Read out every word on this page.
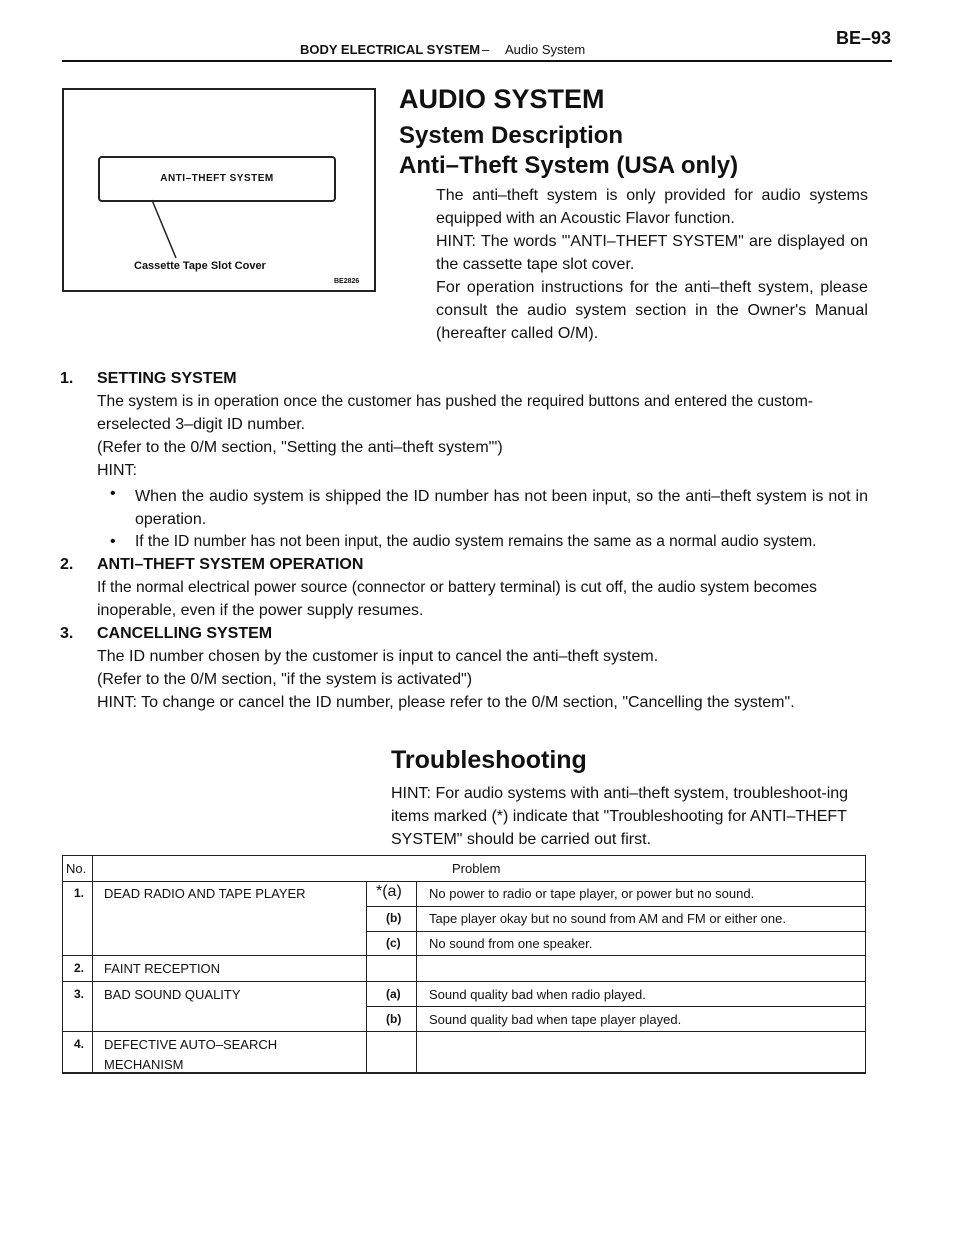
BODY ELECTRICAL SYSTEM – Audio System
BE–93
ANTI–THEFT SYSTEM
Cassette Tape Slot Cover
BE2826
AUDIO SYSTEM
System Description
Anti–Theft System (USA only)
The anti–theft system is only provided for audio systems equipped with an Acoustic Flavor function.
HINT: The words "'ANTI–THEFT SYSTEM" are displayed on the cassette tape slot cover.
For operation instructions for the anti–theft system, please consult the audio system section in the Owner's Manual (hereafter called O/M).
1. SETTING SYSTEM
The system is in operation once the customer has pushed the required buttons and entered the custom-
erselected 3–digit ID number.
(Refer to the 0/M section, "Setting the anti–theft system"')
HINT:
• When the audio system is shipped the ID number has not been input, so the anti–theft system is not in operation.
• If the ID number has not been input, the audio system remains the same as a normal audio system.
2. ANTI–THEFT SYSTEM OPERATION
If the normal electrical power source (connector or battery terminal) is cut off, the audio system becomes
inoperable, even if the power supply resumes.
3. CANCELLING SYSTEM
The ID number chosen by the customer is input to cancel the anti–theft system.
(Refer to the 0/M section, "if the system is activated")
HINT: To change or cancel the ID number, please refer to the 0/M section, "Cancelling the system".
Troubleshooting
HINT: For audio systems with anti–theft system, troubleshoot-ing items marked (*) indicate that "Troubleshooting for ANTI–THEFT SYSTEM" should be carried out first.
No.	Problem
1. DEAD RADIO AND TAPE PLAYER	*(a) No power to radio or tape player, or power but no sound.
(b) Tape player okay but no sound from AM and FM or either one.
(c) No sound from one speaker.
2. FAINT RECEPTION
3. BAD SOUND QUALITY	(a) Sound quality bad when radio played.
(b) Sound quality bad when tape player played.
4. DEFECTIVE AUTO–SEARCH
MECHANISM
